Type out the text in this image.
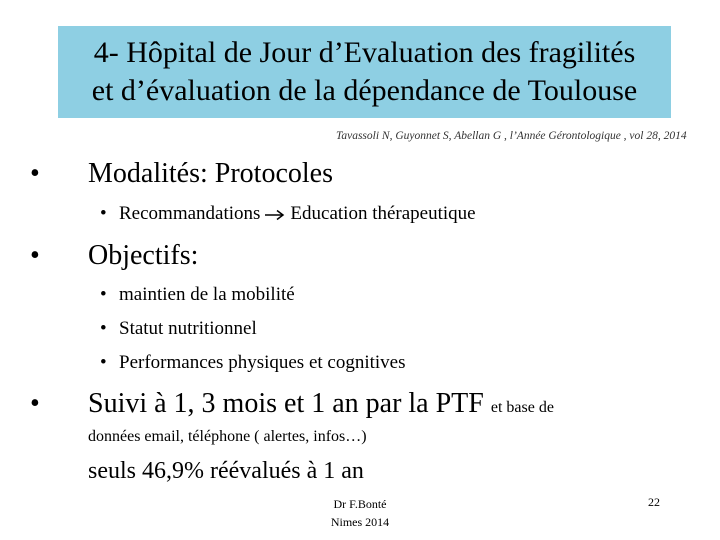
4- Hôpital de Jour d’Evaluation des fragilités
et d’évaluation de la dépendance de Toulouse
Tavassoli N, Guyonnet S, Abellan G , l’Année Gérontologique , vol 28, 2014
• Modalités: Protocoles
• Recommandations Education thérapeutique
• Objectifs:
• maintien de la mobilité
• Statut nutritionnel
• Performances physiques et cognitives
• Suivi à 1, 3 mois et 1 an par la PTF et base de
données email, téléphone ( alertes, infos…)
seuls 46,9% réévalués à 1 an
Dr F.Bonté
Nimes 2014
22
